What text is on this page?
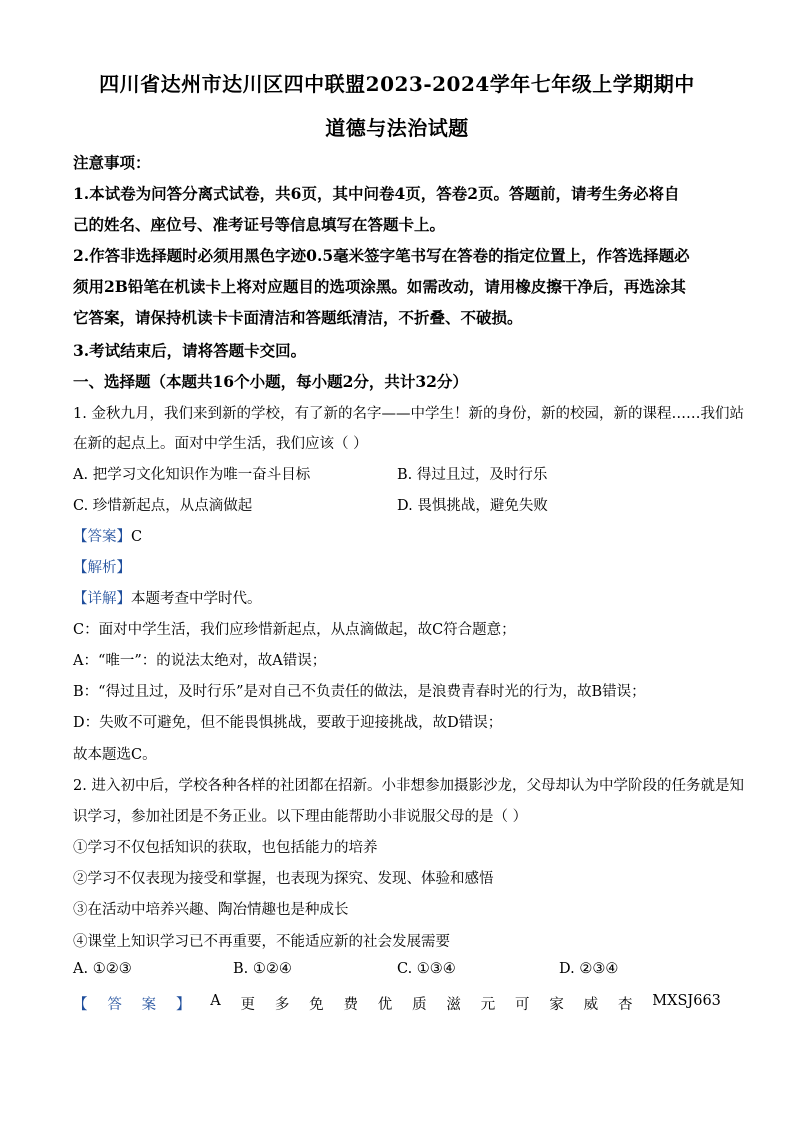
四川省达州市达川区四中联盟2023-2024学年七年级上学期期中
道德与法治试题
注意事项：
1.本试卷为问答分离式试卷，共6页，其中问卷4页，答卷2页。答题前，请考生务必将自
己的姓名、座位号、准考证号等信息填写在答题卡上。
2.作答非选择题时必须用黑色字迹0.5毫米签字笔书写在答卷的指定位置上，作答选择题必
须用2B铅笔在机读卡上将对应题目的选项涂黑。如需改动，请用橡皮擦干净后，再选涂其
它答案，请保持机读卡卡面清洁和答题纸清洁，不折叠、不破损。
3.考试结束后，请将答题卡交回。
一、选择题（本题共16个小题，每小题2分，共计32分）
1. 金秋九月，我们来到新的学校，有了新的名字——中学生！新的身份，新的校园，新的课程……我们站
在新的起点上。面对中学生活，我们应该（ ）
A. 把学习文化知识作为唯一奋斗目标	B. 得过且过，及时行乐
C. 珍惜新起点，从点滴做起	D. 畏惧挑战，避免失败
【答案】C
【解析】
【详解】本题考查中学时代。
C：面对中学生活，我们应珍惜新起点，从点滴做起，故C符合题意；
A：“唯一”：的说法太绝对，故A错误；
B：“得过且过，及时行乐”是对自己不负责任的做法，是浪费青春时光的行为，故B错误；
D：失败不可避免，但不能畏惧挑战，要敢于迎接挑战，故D错误；
故本题选C。
2. 进入初中后，学校各种各样的社团都在招新。小非想参加摄影沙龙，父母却认为中学阶段的任务就是知
识学习，参加社团是不务正业。以下理由能帮助小非说服父母的是（ ）
①学习不仅包括知识的获取，也包括能力的培养
②学习不仅表现为接受和掌握，也表现为探究、发现、体验和感悟
③在活动中培养兴趣、陶冶情趣也是种成长
④课堂上知识学习已不再重要，不能适应新的社会发展需要
A. ①②③	B. ①②④	C. ①③④	D. ②③④
【 答 案 】 A 更 多 免 费 优 质 滋 元 可 家 威 杏 MXSJ663
